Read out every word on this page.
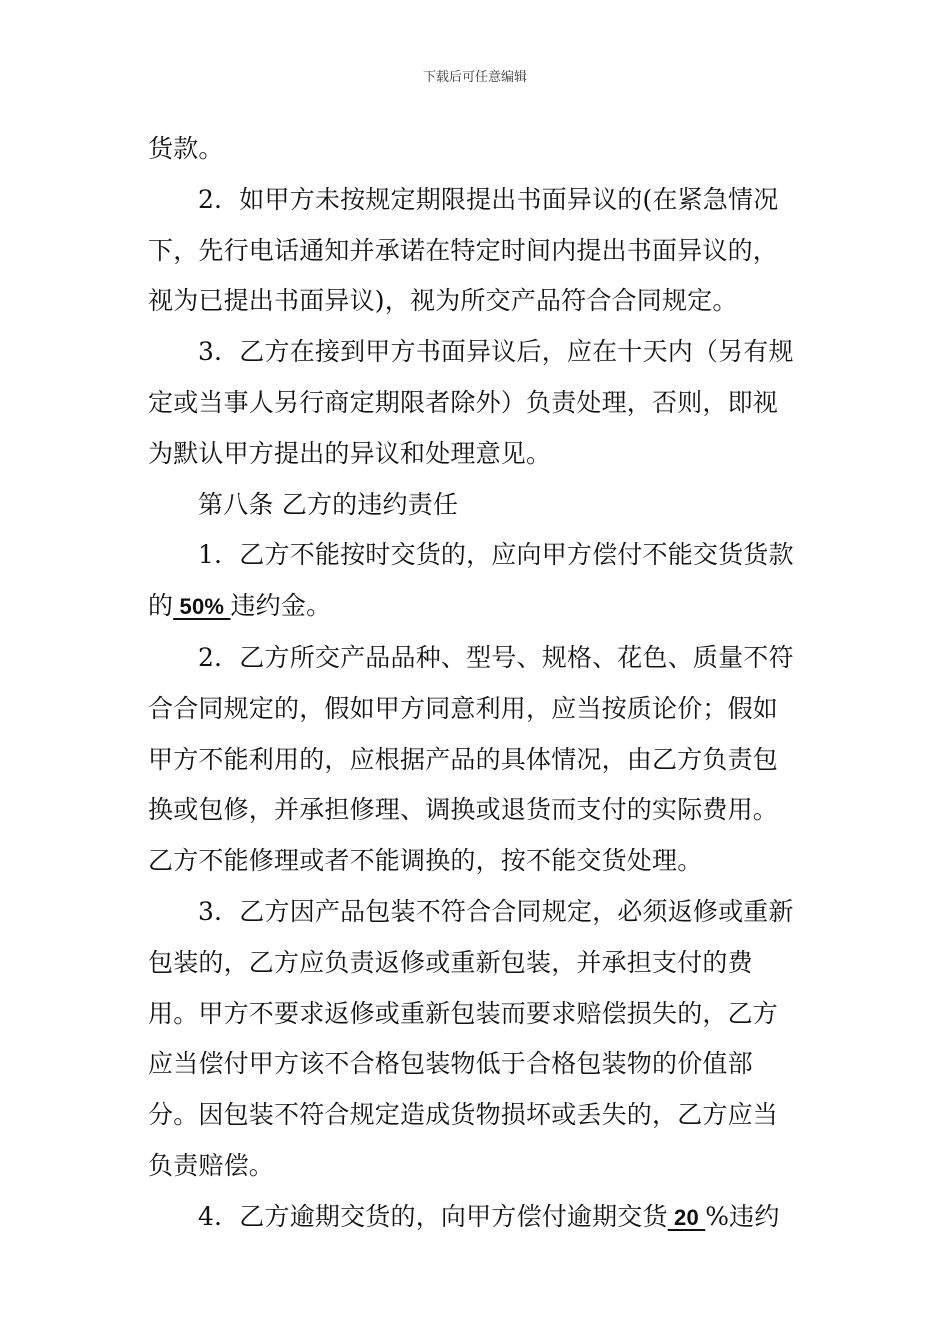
下载后可任意编辑

货款。

2．如甲方未按规定期限提出书面异议的(在紧急情况下，先行电话通知并承诺在特定时间内提出书面异议的，视为已提出书面异议)，视为所交产品符合合同规定。

3．乙方在接到甲方书面异议后，应在十天内（另有规定或当事人另行商定期限者除外）负责处理，否则，即视为默认甲方提出的异议和处理意见。

第八条 乙方的违约责任

1．乙方不能按时交货的，应向甲方偿付不能交货货款的 50% 违约金。

2．乙方所交产品品种、型号、规格、花色、质量不符合合同规定的，假如甲方同意利用，应当按质论价；假如甲方不能利用的，应根据产品的具体情况，由乙方负责包换或包修，并承担修理、调换或退货而支付的实际费用。乙方不能修理或者不能调换的，按不能交货处理。

3．乙方因产品包装不符合合同规定，必须返修或重新包装的，乙方应负责返修或重新包装，并承担支付的费用。甲方不要求返修或重新包装而要求赔偿损失的，乙方应当偿付甲方该不合格包装物低于合格包装物的价值部分。因包装不符合规定造成货物损坏或丢失的，乙方应当负责赔偿。

4．乙方逾期交货的，向甲方偿付逾期交货 20 %违约
